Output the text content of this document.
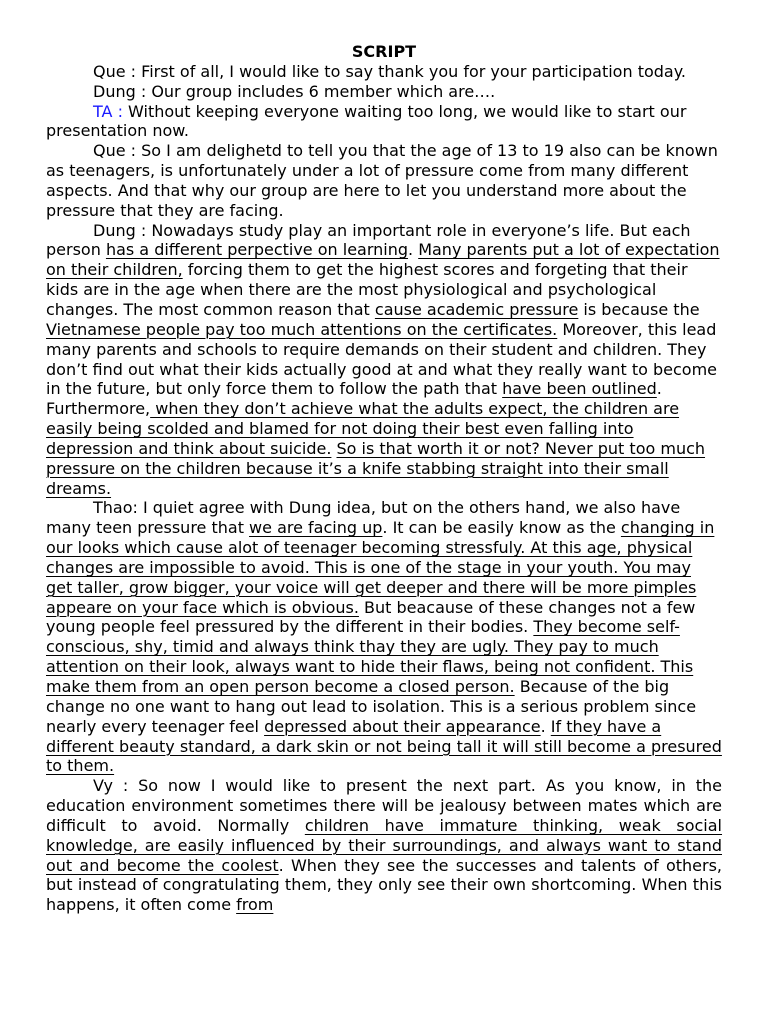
SCRIPT

Que : First of all, I would like to say thank you for your participation today.

Dung : Our group includes 6 member which are….

TA : Without keeping everyone waiting too long, we would like to start our presentation now.

Que : So I am delighetd to tell you that the age of 13 to 19 also can be known as teenagers, is unfortunately under a lot of pressure come from many different aspects. And that why our group are here to let you understand more about the pressure that they are facing.

Dung : Nowadays study play an important role in everyone’s life. But each person has a different perpective on learning. Many parents put a lot of expectation on their children, forcing them to get the highest scores and forgeting that their kids are in the age when there are the most physiological and psychological changes. The most common reason that cause academic pressure is because the Vietnamese people pay too much attentions on the certificates. Moreover, this lead many parents and schools to require demands on their student and children. They don’t find out what their kids actually good at and what they really want to become in the future, but only force them to follow the path that have been outlined. Furthermore, when they don’t achieve what the adults expect, the children are easily being scolded and blamed for not doing their best even falling into depression and think about suicide. So is that worth it or not? Never put too much pressure on the children because it’s a knife stabbing straight into their small dreams.

Thao: I quiet agree with Dung idea, but on the others hand, we also have many teen pressure that we are facing up. It can be easily know as the changing in our looks which cause alot of teenager becoming stressfuly. At this age, physical changes are impossible to avoid. This is one of the stage in your youth. You may get taller, grow bigger, your voice will get deeper and there will be more pimples appeare on your face which is obvious. But beacause of these changes not a few young people feel pressured by the different in their bodies. They become self-conscious, shy, timid and always think thay they are ugly. They pay to much attention on their look, always want to hide their flaws, being not confident. This make them from an open person become a closed person. Because of the big change no one want to hang out lead to isolation. This is a serious problem since nearly every teenager feel depressed about their appearance. If they have a different beauty standard, a dark skin or not being tall it will still become a presured to them.

Vy : So now I would like to present the next part. As you know, in the education environment sometimes there will be jealousy between mates which are difficult to avoid. Normally children have immature thinking, weak social knowledge, are easily influenced by their surroundings, and always want to stand out and become the coolest. When they see the successes and talents of others, but instead of congratulating them, they only see their own shortcoming. When this happens, it often come from
